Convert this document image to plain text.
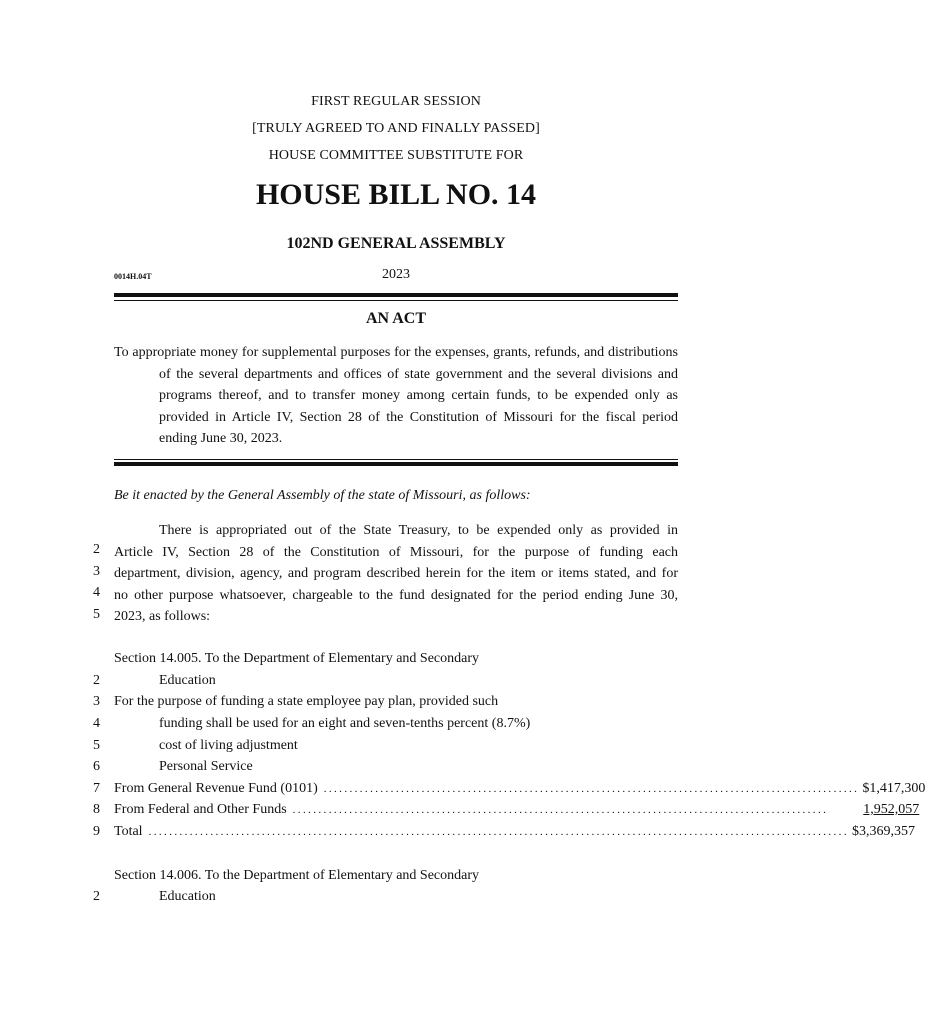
FIRST REGULAR SESSION
[TRULY AGREED TO AND FINALLY PASSED]
HOUSE COMMITTEE SUBSTITUTE FOR
HOUSE BILL NO. 14
102ND GENERAL ASSEMBLY
0014H.04T	2023
AN ACT
To appropriate money for supplemental purposes for the expenses, grants, refunds, and distributions of the several departments and offices of state government and the several divisions and programs thereof, and to transfer money among certain funds, to be expended only as provided in Article IV, Section 28 of the Constitution of Missouri for the fiscal period ending June 30, 2023.
Be it enacted by the General Assembly of the state of Missouri, as follows:
There is appropriated out of the State Treasury, to be expended only as provided in
Article IV, Section 28 of the Constitution of Missouri, for the purpose of funding each
department, division, agency, and program described herein for the item or items stated, and for
no other purpose whatsoever, chargeable to the fund designated for the period ending June 30,
2023, as follows:
2
3
4
5
Section 14.005. To the Department of Elementary and Secondary
Education
For the purpose of funding a state employee pay plan, provided such
funding shall be used for an eight and seven-tenths percent (8.7%)
cost of living adjustment
Personal Service
From General Revenue Fund (0101) ........................................................................................................ $1,417,300
From Federal and Other Funds ........................................................................................................	1,952,057
Total ........................................................................................................................................ $3,369,357
2
3
4
5
6
7
8
9
Section 14.006. To the Department of Elementary and Secondary
Education
2
